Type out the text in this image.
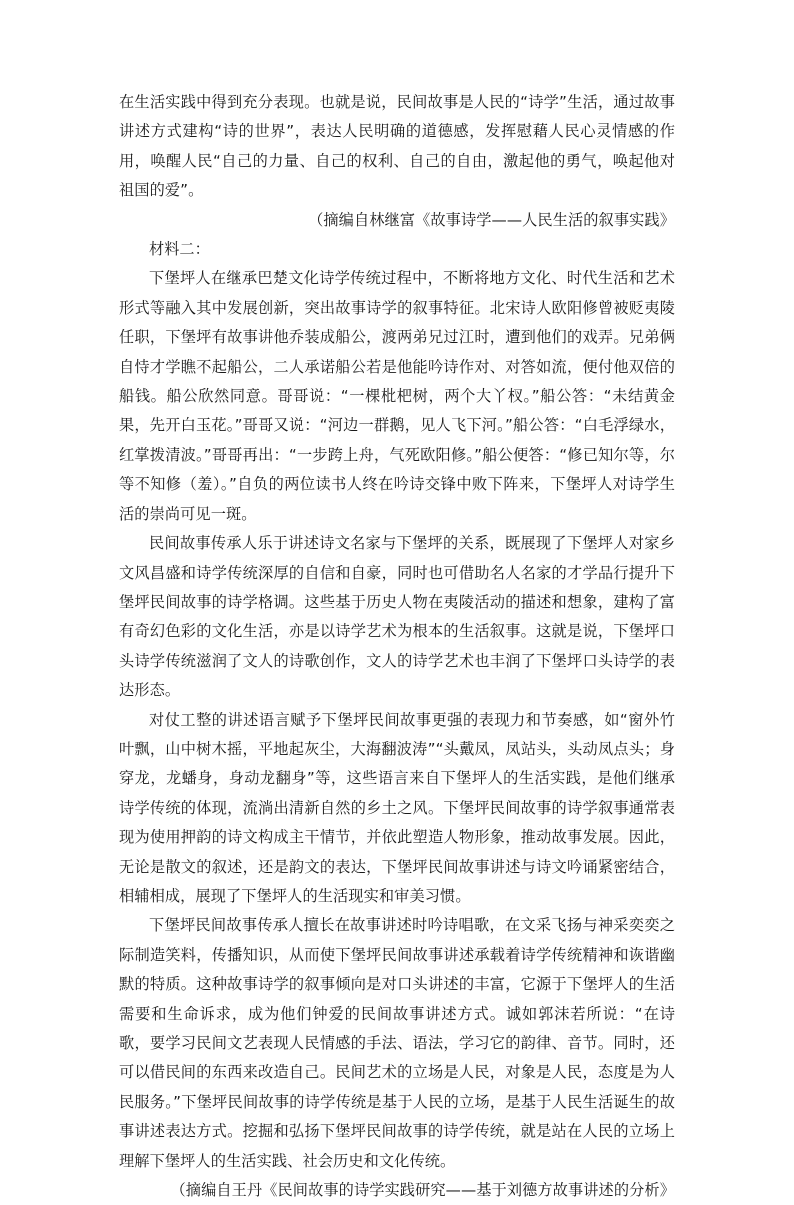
在生活实践中得到充分表现。也就是说，民间故事是人民的“诗学”生活，通过故事讲述方式建构“诗的世界”，表达人民明确的道德感，发挥慰藉人民心灵情感的作用，唤醒人民“自己的力量、自己的权利、自己的自由，激起他的勇气，唤起他对祖国的爱”。

（摘编自林继富《故事诗学——人民生活的叙事实践》

材料二：

下堡坪人在继承巴楚文化诗学传统过程中，不断将地方文化、时代生活和艺术形式等融入其中发展创新，突出故事诗学的叙事特征。北宋诗人欧阳修曾被贬夷陵任职，下堡坪有故事讲他乔装成船公，渡两弟兄过江时，遭到他们的戏弄。兄弟俩自恃才学瞧不起船公，二人承诺船公若是他能吟诗作对、对答如流，便付他双倍的船钱。船公欣然同意。哥哥说：“一棵枇杷树，两个大丫杈。”船公答：“未结黄金果，先开白玉花。”哥哥又说：“河边一群鹅，见人飞下河。”船公答：“白毛浮绿水，红掌拨清波。”哥哥再出：“一步跨上舟，气死欧阳修。”船公便答：“修已知尔等，尔等不知修（羞）。”自负的两位读书人终在吟诗交锋中败下阵来，下堡坪人对诗学生活的崇尚可见一斑。

民间故事传承人乐于讲述诗文名家与下堡坪的关系，既展现了下堡坪人对家乡文风昌盛和诗学传统深厚的自信和自豪，同时也可借助名人名家的才学品行提升下堡坪民间故事的诗学格调。这些基于历史人物在夷陵活动的描述和想象，建构了富有奇幻色彩的文化生活，亦是以诗学艺术为根本的生活叙事。这就是说，下堡坪口头诗学传统滋润了文人的诗歌创作，文人的诗学艺术也丰润了下堡坪口头诗学的表达形态。

对仗工整的讲述语言赋予下堡坪民间故事更强的表现力和节奏感，如“窗外竹叶飘，山中树木摇，平地起灰尘，大海翻波涛”“头戴凤，凤站头，头动凤点头；身穿龙，龙蟠身，身动龙翻身”等，这些语言来自下堡坪人的生活实践，是他们继承诗学传统的体现，流淌出清新自然的乡土之风。下堡坪民间故事的诗学叙事通常表现为使用押韵的诗文构成主干情节，并依此塑造人物形象，推动故事发展。因此，无论是散文的叙述，还是韵文的表达，下堡坪民间故事讲述与诗文吟诵紧密结合，相辅相成，展现了下堡坪人的生活现实和审美习惯。

下堡坪民间故事传承人擅长在故事讲述时吟诗唱歌，在文采飞扬与神采奕奕之际制造笑料，传播知识，从而使下堡坪民间故事讲述承载着诗学传统精神和诙谐幽默的特质。这种故事诗学的叙事倾向是对口头讲述的丰富，它源于下堡坪人的生活需要和生命诉求，成为他们钟爱的民间故事讲述方式。诚如郭沫若所说：“在诗歌，要学习民间文艺表现人民情感的手法、语法，学习它的韵律、音节。同时，还可以借民间的东西来改造自己。民间艺术的立场是人民，对象是人民，态度是为人民服务。”下堡坪民间故事的诗学传统是基于人民的立场，是基于人民生活诞生的故事讲述表达方式。挖掘和弘扬下堡坪民间故事的诗学传统，就是站在人民的立场上理解下堡坪人的生活实践、社会历史和文化传统。

（摘编自王丹《民间故事的诗学实践研究——基于刘德方故事讲述的分析》
